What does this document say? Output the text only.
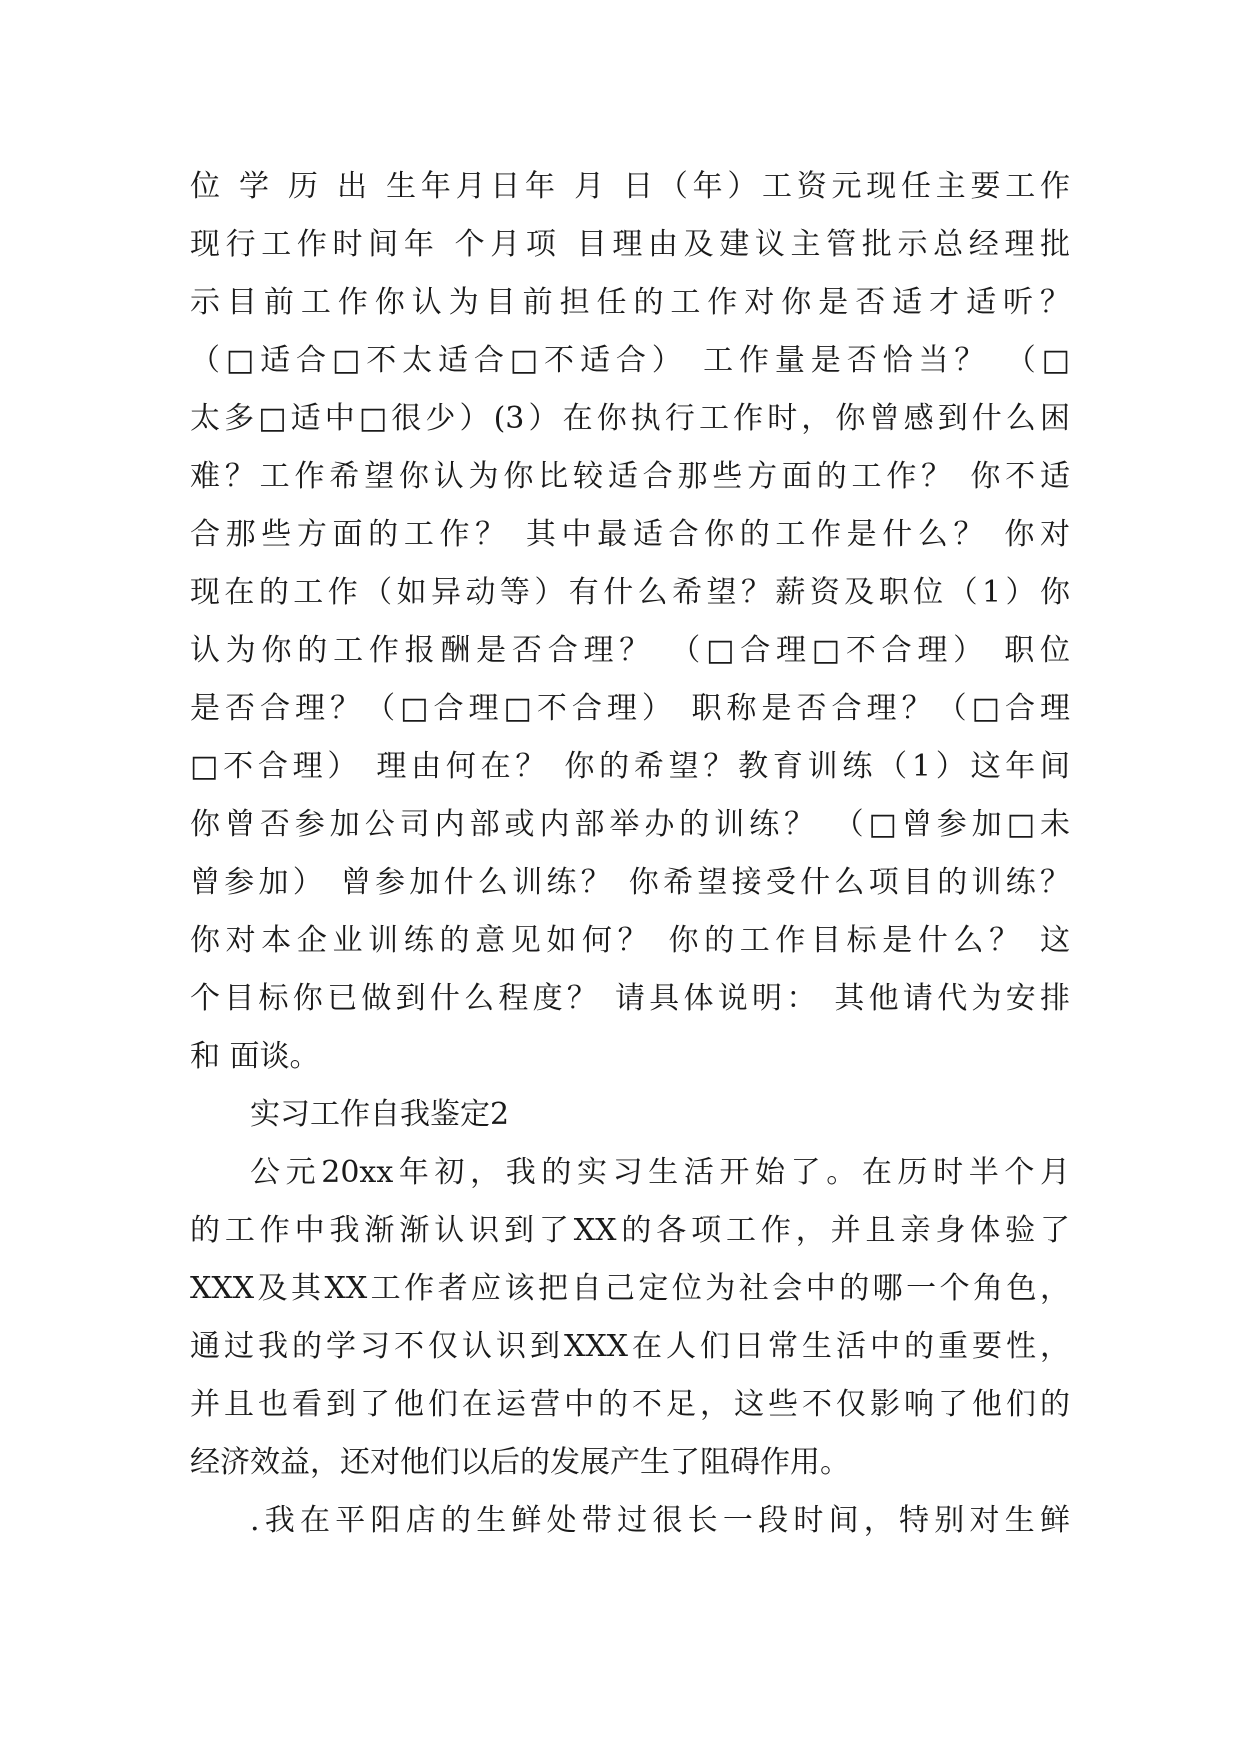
位 学 历 出 生年月日年 月 日（年）工资元现任主要工作
现行工作时间年 个月项 目理由及建议主管批示总经理批
示目前工作你认为目前担任的工作对你是否适才适听？
（□适合□不太适合□不适合） 工作量是否恰当？ （□
太多□适中□很少）(3）在你执行工作时，你曾感到什么困
难？工作希望你认为你比较适合那些方面的工作？ 你不适
合那些方面的工作？ 其中最适合你的工作是什么？ 你对
现在的工作（如异动等）有什么希望？薪资及职位（1）你
认为你的工作报酬是否合理？ （□合理□不合理） 职位
是否合理？（□合理□不合理） 职称是否合理？（□合理
□不合理） 理由何在？ 你的希望？教育训练（1）这年间
你曾否参加公司内部或内部举办的训练？ （□曾参加□未
曾参加） 曾参加什么训练？ 你希望接受什么项目的训练？
你对本企业训练的意见如何？ 你的工作目标是什么？ 这
个目标你已做到什么程度？ 请具体说明： 其他请代为安排
和 面谈。
实习工作自我鉴定2
公元20xx年初，我的实习生活开始了。在历时半个月
的工作中我渐渐认识到了XX的各项工作，并且亲身体验了
XXX及其XX工作者应该把自己定位为社会中的哪一个角色，
通过我的学习不仅认识到XXX在人们日常生活中的重要性，
并且也看到了他们在运营中的不足，这些不仅影响了他们的
经济效益，还对他们以后的发展产生了阻碍作用。
.我在平阳店的生鲜处带过很长一段时间，特别对生鲜
